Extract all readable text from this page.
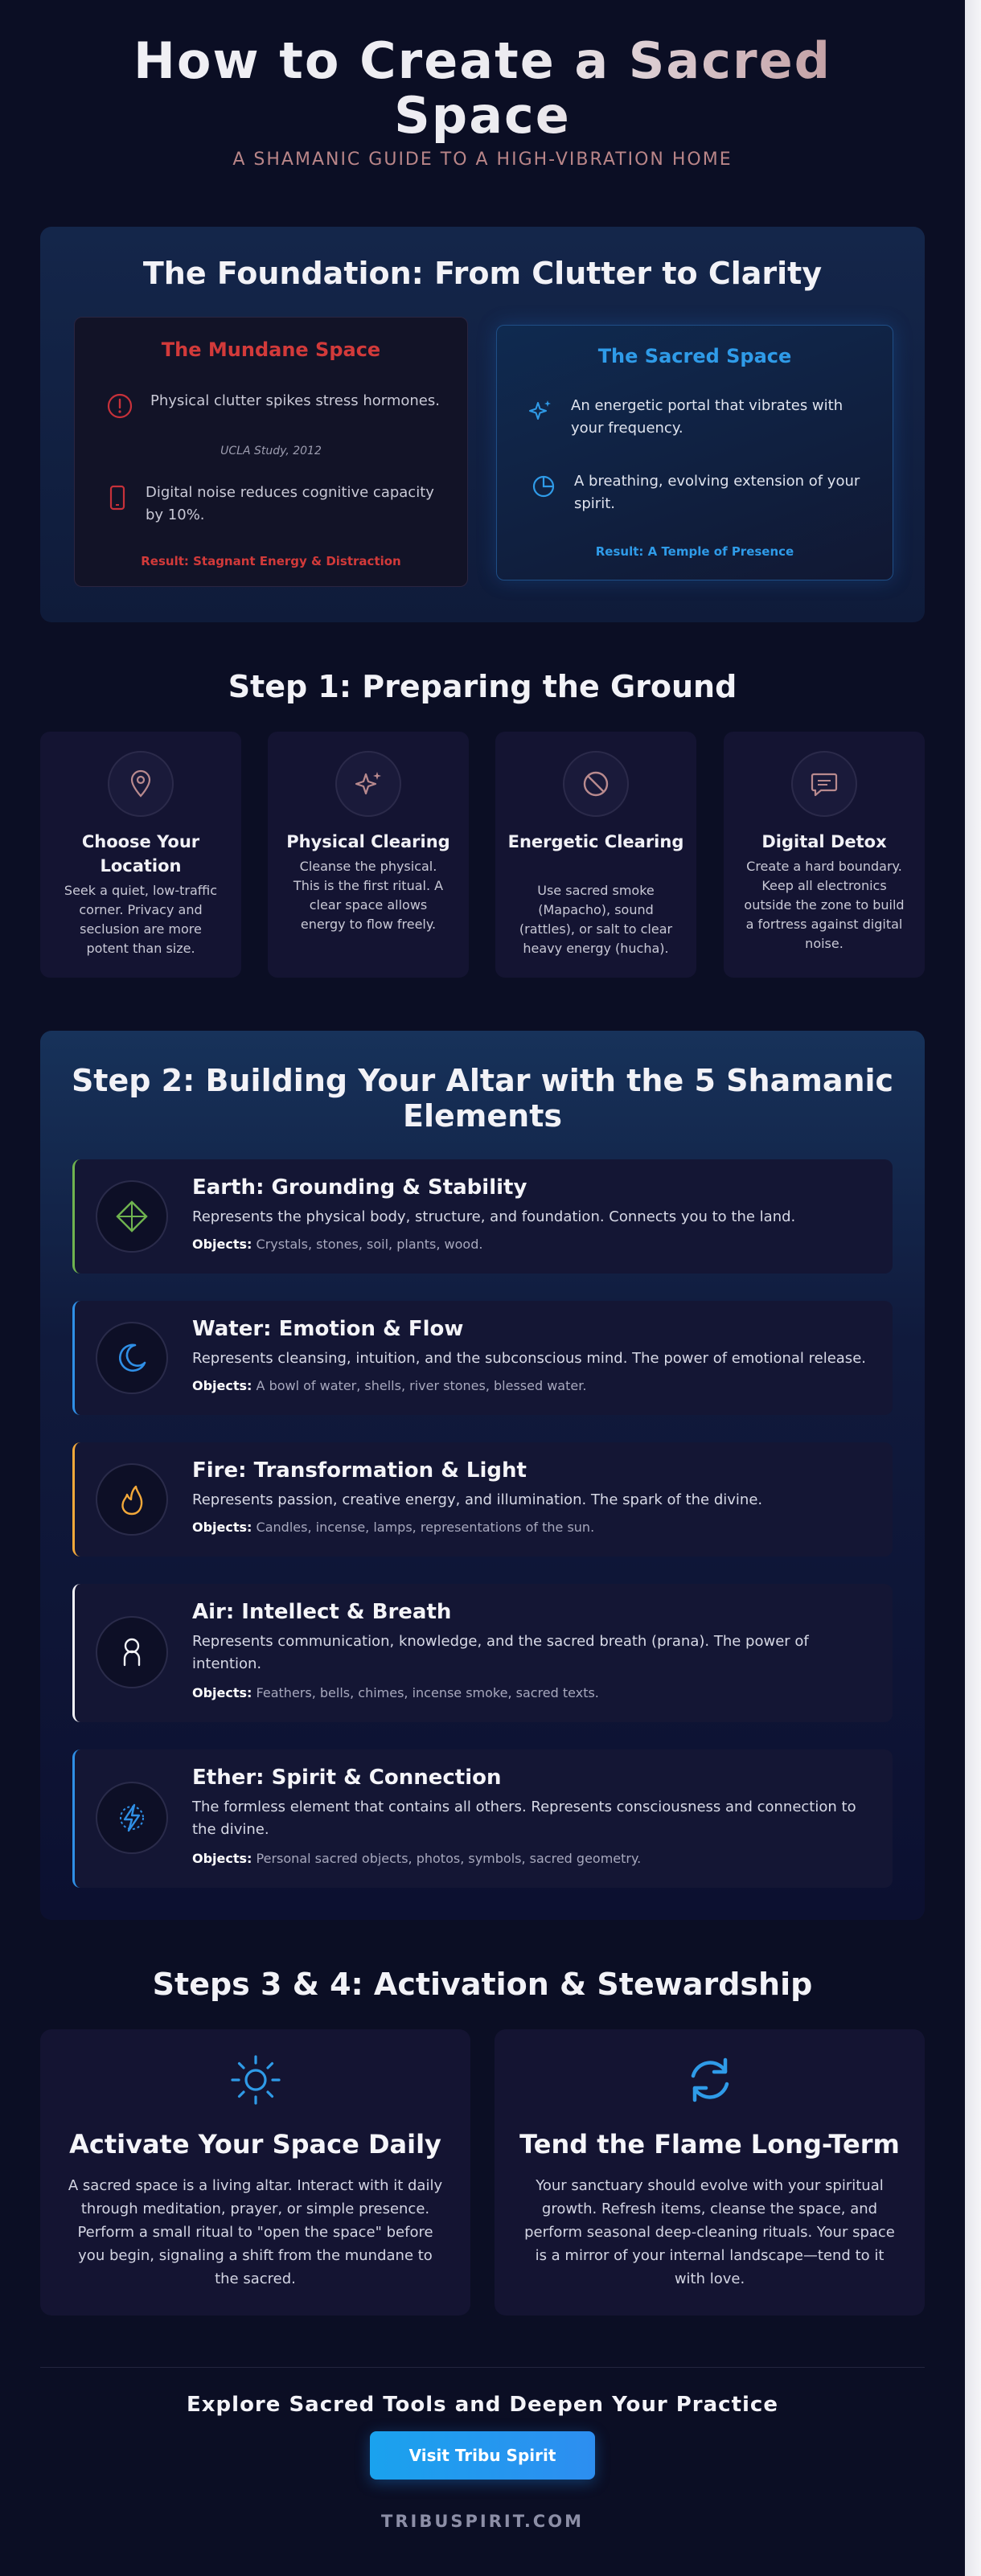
How to Create a Sacred Space
A SHAMANIC GUIDE TO A HIGH-VIBRATION HOME
The Foundation: From Clutter to Clarity
The Mundane Space
Physical clutter spikes stress hormones.
UCLA Study, 2012
Digital noise reduces cognitive capacity by 10%.
Result: Stagnant Energy & Distraction
The Sacred Space
An energetic portal that vibrates with your frequency.
A breathing, evolving extension of your spirit.
Result: A Temple of Presence
Step 1: Preparing the Ground
Choose Your Location
Seek a quiet, low-traffic corner. Privacy and seclusion are more potent than size.
Physical Clearing
Cleanse the physical. This is the first ritual. A clear space allows energy to flow freely.
Energetic Clearing
Use sacred smoke (Mapacho), sound (rattles), or salt to clear heavy energy (hucha).
Digital Detox
Create a hard boundary. Keep all electronics outside the zone to build a fortress against digital noise.
Step 2: Building Your Altar with the 5 Shamanic Elements
Earth: Grounding & Stability
Represents the physical body, structure, and foundation. Connects you to the land.
Objects: Crystals, stones, soil, plants, wood.
Water: Emotion & Flow
Represents cleansing, intuition, and the subconscious mind. The power of emotional release.
Objects: A bowl of water, shells, river stones, blessed water.
Fire: Transformation & Light
Represents passion, creative energy, and illumination. The spark of the divine.
Objects: Candles, incense, lamps, representations of the sun.
Air: Intellect & Breath
Represents communication, knowledge, and the sacred breath (prana). The power of intention.
Objects: Feathers, bells, chimes, incense smoke, sacred texts.
Ether: Spirit & Connection
The formless element that contains all others. Represents consciousness and connection to the divine.
Objects: Personal sacred objects, photos, symbols, sacred geometry.
Steps 3 & 4: Activation & Stewardship
Activate Your Space Daily
A sacred space is a living altar. Interact with it daily through meditation, prayer, or simple presence. Perform a small ritual to "open the space" before you begin, signaling a shift from the mundane to the sacred.
Tend the Flame Long-Term
Your sanctuary should evolve with your spiritual growth. Refresh items, cleanse the space, and perform seasonal deep-cleaning rituals. Your space is a mirror of your internal landscape—tend to it with love.
Explore Sacred Tools and Deepen Your Practice
Visit Tribu Spirit
TRIBUSPIRIT.COM
